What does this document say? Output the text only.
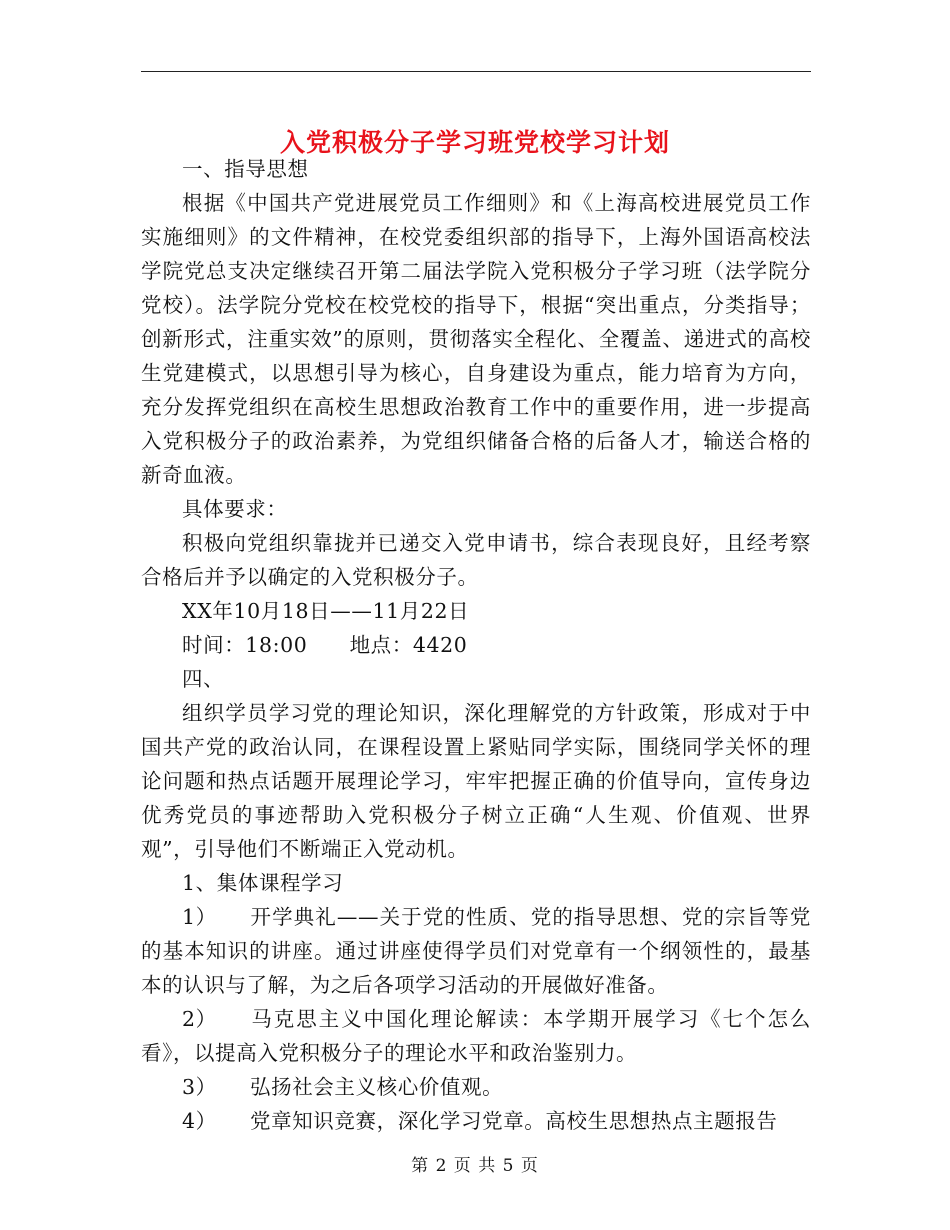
入党积极分子学习班党校学习计划

一、指导思想

根据《中国共产党进展党员工作细则》和《上海高校进展党员工作实施细则》的文件精神，在校党委组织部的指导下，上海外国语高校法学院党总支决定继续召开第二届法学院入党积极分子学习班（法学院分党校）。法学院分党校在校党校的指导下，根据“突出重点，分类指导；创新形式，注重实效”的原则，贯彻落实全程化、全覆盖、递进式的高校生党建模式，以思想引导为核心，自身建设为重点，能力培育为方向，充分发挥党组织在高校生思想政治教育工作中的重要作用，进一步提高入党积极分子的政治素养，为党组织储备合格的后备人才，输送合格的新奇血液。

具体要求：

积极向党组织靠拢并已递交入党申请书，综合表现良好，且经考察合格后并予以确定的入党积极分子。

XX年10月18日——11月22日

时间：18:00　　地点：4420

四、

组织学员学习党的理论知识，深化理解党的方针政策，形成对于中国共产党的政治认同，在课程设置上紧贴同学实际，围绕同学关怀的理论问题和热点话题开展理论学习，牢牢把握正确的价值导向，宣传身边优秀党员的事迹帮助入党积极分子树立正确“人生观、价值观、世界观”，引导他们不断端正入党动机。

1、集体课程学习

1） 开学典礼——关于党的性质、党的指导思想、党的宗旨等党的基本知识的讲座。通过讲座使得学员们对党章有一个纲领性的，最基本的认识与了解，为之后各项学习活动的开展做好准备。

2） 马克思主义中国化理论解读：本学期开展学习《七个怎么看》，以提高入党积极分子的理论水平和政治鉴别力。

3） 弘扬社会主义核心价值观。

4） 党章知识竞赛，深化学习党章。高校生思想热点主题报告

第 2 页 共 5 页
